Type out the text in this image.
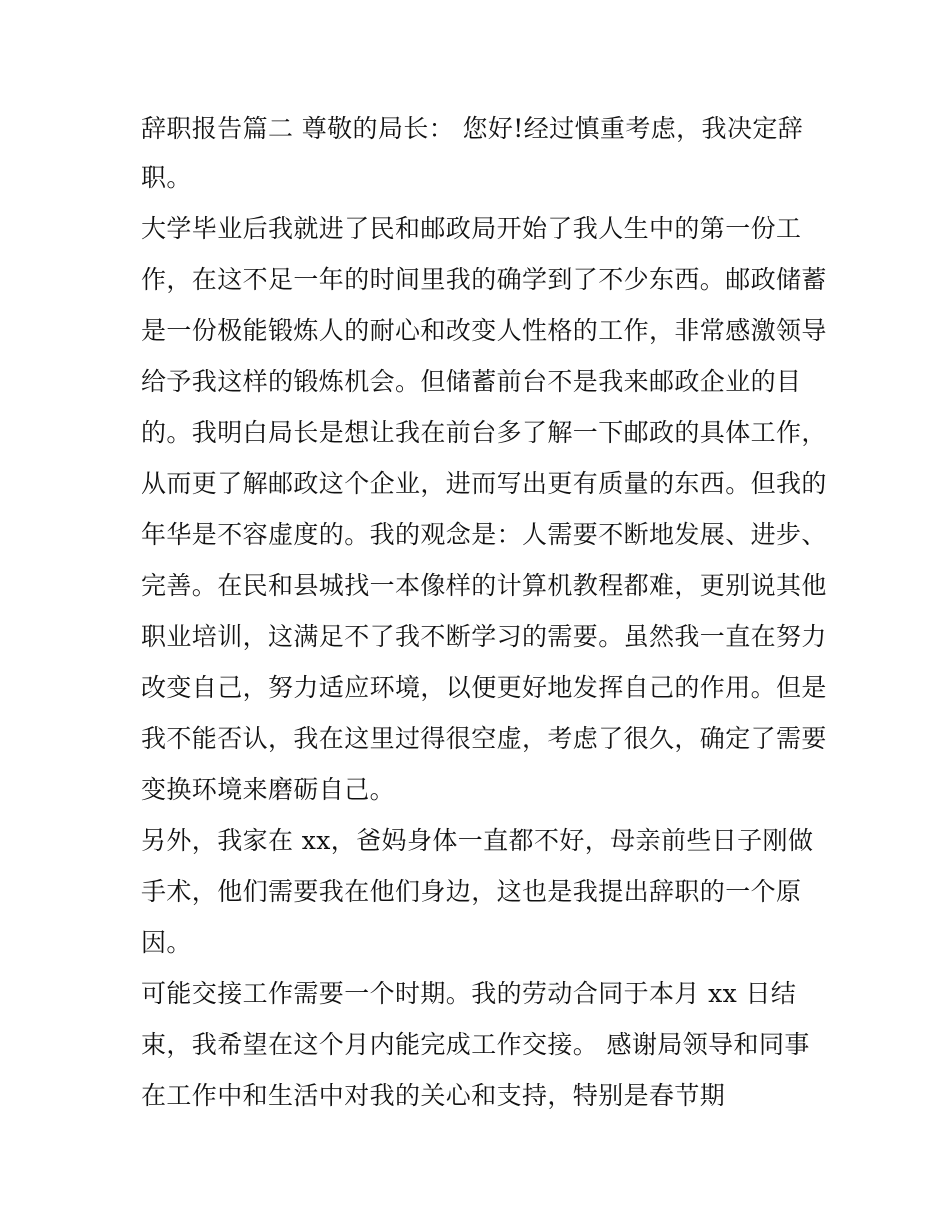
辞职报告篇二 尊敬的局长： 您好!经过慎重考虑，我决定辞
职。
大学毕业后我就进了民和邮政局开始了我人生中的第一份工
作，在这不足一年的时间里我的确学到了不少东西。邮政储蓄
是一份极能锻炼人的耐心和改变人性格的工作，非常感激领导
给予我这样的锻炼机会。但储蓄前台不是我来邮政企业的目
的。我明白局长是想让我在前台多了解一下邮政的具体工作，
从而更了解邮政这个企业，进而写出更有质量的东西。但我的
年华是不容虚度的。我的观念是：人需要不断地发展、进步、
完善。在民和县城找一本像样的计算机教程都难，更别说其他
职业培训，这满足不了我不断学习的需要。虽然我一直在努力
改变自己，努力适应环境，以便更好地发挥自己的作用。但是
我不能否认，我在这里过得很空虚，考虑了很久，确定了需要
变换环境来磨砺自己。
另外，我家在 xx，爸妈身体一直都不好，母亲前些日子刚做
手术，他们需要我在他们身边，这也是我提出辞职的一个原
因。
可能交接工作需要一个时期。我的劳动合同于本月 xx 日结
束，我希望在这个月内能完成工作交接。 感谢局领导和同事
在工作中和生活中对我的关心和支持，特别是春节期
